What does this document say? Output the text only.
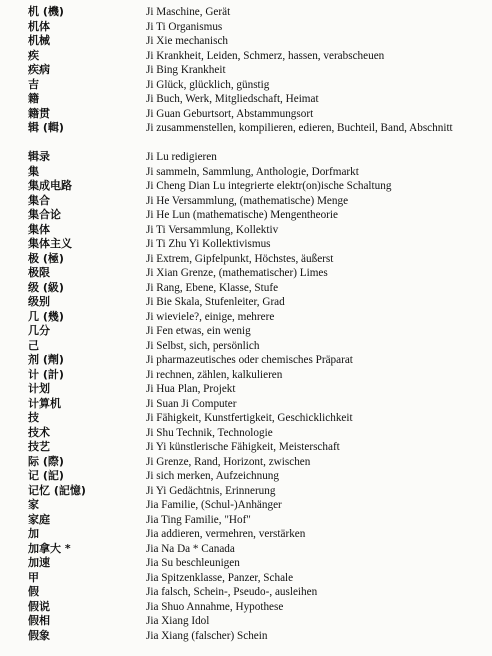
机 (機)	Ji Maschine, Gerät
机体	Ji Ti Organismus
机械	Ji Xie mechanisch
疾	Ji Krankheit, Leiden, Schmerz, hassen, verabscheuen
疾病	Ji Bing Krankheit
吉	Ji Glück, glücklich, günstig
籍	Ji Buch, Werk, Mitgliedschaft, Heimat
籍贯	Ji Guan Geburtsort, Abstammungsort
辑 (輯)	Ji zusammenstellen, kompilieren, edieren, Buchteil, Band, Abschnitt
辑录	Ji Lu redigieren
集	Ji sammeln, Sammlung, Anthologie, Dorfmarkt
集成电路	Ji Cheng Dian Lu integrierte elektr(on)ische Schaltung
集合	Ji He Versammlung, (mathematische) Menge
集合论	Ji He Lun (mathematische) Mengentheorie
集体	Ji Ti Versammlung, Kollektiv
集体主义	Ji Ti Zhu Yi Kollektivismus
极 (極)	Ji Extrem, Gipfelpunkt, Höchstes, äußerst
极限	Ji Xian Grenze, (mathematischer) Limes
级 (級)	Ji Rang, Ebene, Klasse, Stufe
级别	Ji Bie Skala, Stufenleiter, Grad
几 (幾)	Ji wieviele?, einige, mehrere
几分	Ji Fen etwas, ein wenig
己	Ji Selbst, sich, persönlich
剂 (劑)	Ji pharmazeutisches oder chemisches Präparat
计 (計)	Ji rechnen, zählen, kalkulieren
计划	Ji Hua Plan, Projekt
计算机	Ji Suan Ji Computer
技	Ji Fähigkeit, Kunstfertigkeit, Geschicklichkeit
技术	Ji Shu Technik, Technologie
技艺	Ji Yi künstlerische Fähigkeit, Meisterschaft
际 (際)	Ji Grenze, Rand, Horizont, zwischen
记 (記)	Ji sich merken, Aufzeichnung
记忆 (記憶)	Ji Yi Gedächtnis, Erinnerung
家	Jia Familie, (Schul-)Anhänger
家庭	Jia Ting Familie, "Hof"
加	Jia addieren, vermehren, verstärken
加拿大 *	Jia Na Da * Canada
加速	Jia Su beschleunigen
甲	Jia Spitzenklasse, Panzer, Schale
假	Jia falsch, Schein-, Pseudo-, ausleihen
假说	Jia Shuo Annahme, Hypothese
假相	Jia Xiang Idol
假象	Jia Xiang (falscher) Schein
